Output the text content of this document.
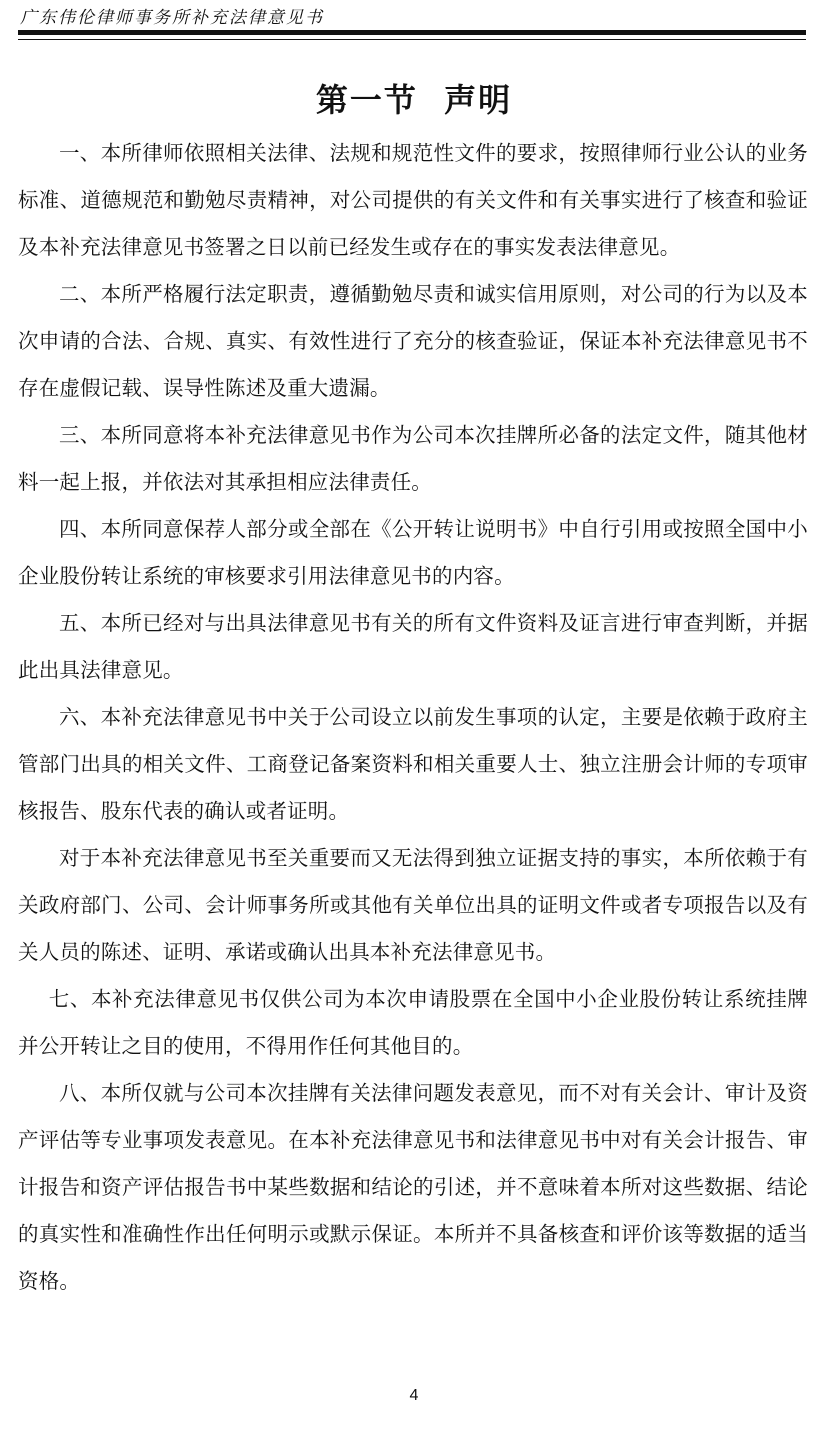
广东伟伦律师事务所补充法律意见书
第一节  声明

一、本所律师依照相关法律、法规和规范性文件的要求，按照律师行业公认的业务标准、道德规范和勤勉尽责精神，对公司提供的有关文件和有关事实进行了核查和验证及本补充法律意见书签署之日以前已经发生或存在的事实发表法律意见。

二、本所严格履行法定职责，遵循勤勉尽责和诚实信用原则，对公司的行为以及本次申请的合法、合规、真实、有效性进行了充分的核查验证，保证本补充法律意见书不存在虚假记载、误导性陈述及重大遗漏。

三、本所同意将本补充法律意见书作为公司本次挂牌所必备的法定文件，随其他材料一起上报，并依法对其承担相应法律责任。

四、本所同意保荐人部分或全部在《公开转让说明书》中自行引用或按照全国中小企业股份转让系统的审核要求引用法律意见书的内容。

五、本所已经对与出具法律意见书有关的所有文件资料及证言进行审查判断，并据此出具法律意见。

六、本补充法律意见书中关于公司设立以前发生事项的认定，主要是依赖于政府主管部门出具的相关文件、工商登记备案资料和相关重要人士、独立注册会计师的专项审核报告、股东代表的确认或者证明。

对于本补充法律意见书至关重要而又无法得到独立证据支持的事实，本所依赖于有关政府部门、公司、会计师事务所或其他有关单位出具的证明文件或者专项报告以及有关人员的陈述、证明、承诺或确认出具本补充法律意见书。

七、本补充法律意见书仅供公司为本次申请股票在全国中小企业股份转让系统挂牌并公开转让之目的使用，不得用作任何其他目的。

八、本所仅就与公司本次挂牌有关法律问题发表意见，而不对有关会计、审计及资产评估等专业事项发表意见。在本补充法律意见书和法律意见书中对有关会计报告、审计报告和资产评估报告书中某些数据和结论的引述，并不意味着本所对这些数据、结论的真实性和准确性作出任何明示或默示保证。本所并不具备核查和评价该等数据的适当资格。

4
